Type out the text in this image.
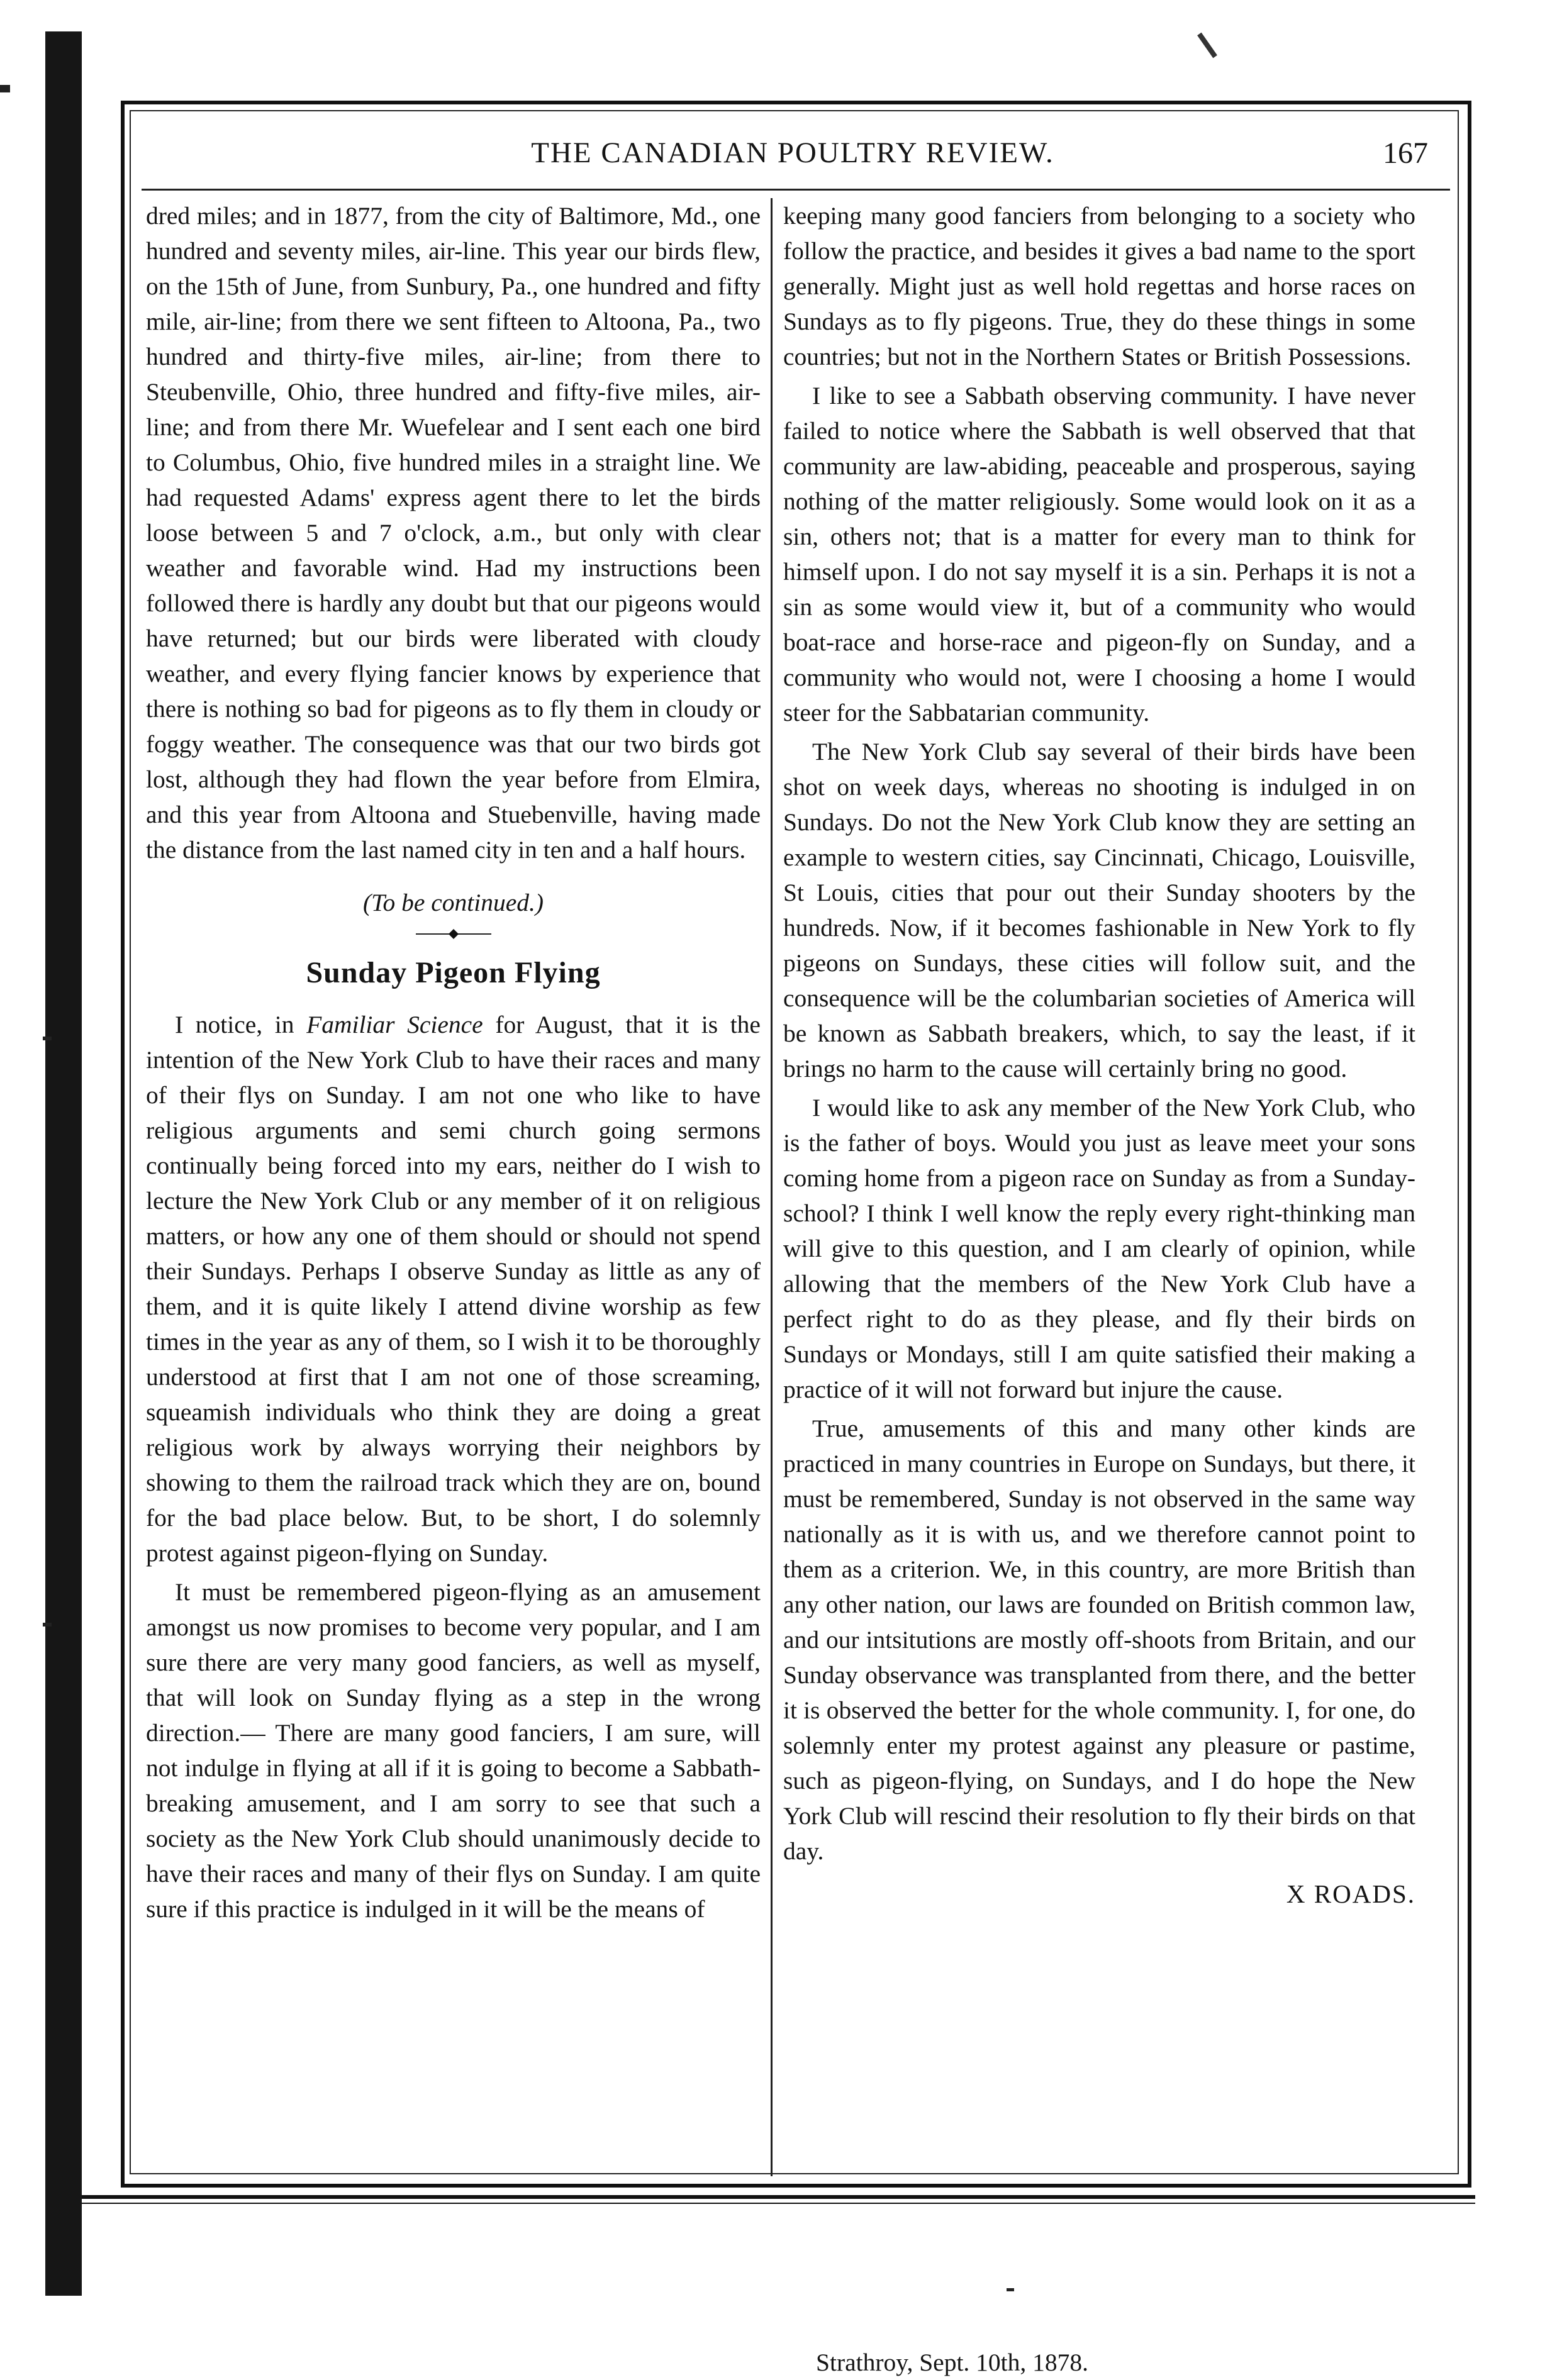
THE CANADIAN POULTRY REVIEW.	167

dred miles; and in 1877, from the city of Baltimore, Md., one hundred and seventy miles, air-line. This year our birds flew, on the 15th of June, from Sunbury, Pa., one hundred and fifty mile, air-line; from there we sent fifteen to Altoona, Pa., two hundred and thirty-five miles, air-line; from there to Steubenville, Ohio, three hundred and fifty-five miles, air-line; and from there Mr. Wuefelear and I sent each one bird to Columbus, Ohio, five hundred miles in a straight line. We had requested Adams' express agent there to let the birds loose between 5 and 7 o'clock, a.m., but only with clear weather and favorable wind. Had my instructions been followed there is hardly any doubt but that our pigeons would have returned; but our birds were liberated with cloudy weather, and every flying fancier knows by experience that there is nothing so bad for pigeons as to fly them in cloudy or foggy weather. The consequence was that our two birds got lost, although they had flown the year before from Elmira, and this year from Altoona and Stuebenville, having made the distance from the last named city in ten and a half hours.

(To be continued.)

Sunday Pigeon Flying

I notice, in Familiar Science for August, that it is the intention of the New York Club to have their races and many of their flys on Sunday. I am not one who like to have religious arguments and semi church going sermons continually being forced into my ears, neither do I wish to lecture the New York Club or any member of it on religious matters, or how any one of them should or should not spend their Sundays. Perhaps I observe Sunday as little as any of them, and it is quite likely I attend divine worship as few times in the year as any of them, so I wish it to be thoroughly understood at first that I am not one of those screaming, squeamish individuals who think they are doing a great religious work by always worrying their neighbors by showing to them the railroad track which they are on, bound for the bad place below. But, to be short, I do solemnly protest against pigeon-flying on Sunday.

It must be remembered pigeon-flying as an amusement amongst us now promises to become very popular, and I am sure there are very many good fanciers, as well as myself, that will look on Sunday flying as a step in the wrong direction.— There are many good fanciers, I am sure, will not indulge in flying at all if it is going to become a Sabbath-breaking amusement, and I am sorry to see that such a society as the New York Club should unanimously decide to have their races and many of their flys on Sunday. I am quite sure if this practice is indulged in it will be the means of

keeping many good fanciers from belonging to a society who follow the practice, and besides it gives a bad name to the sport generally. Might just as well hold regettas and horse races on Sundays as to fly pigeons. True, they do these things in some countries; but not in the Northern States or British Possessions.

I like to see a Sabbath observing community. I have never failed to notice where the Sabbath is well observed that that community are law-abiding, peaceable and prosperous, saying nothing of the matter religiously. Some would look on it as a sin, others not; that is a matter for every man to think for himself upon. I do not say myself it is a sin. Perhaps it is not a sin as some would view it, but of a community who would boat-race and horse-race and pigeon-fly on Sunday, and a community who would not, were I choosing a home I would steer for the Sabbatarian community.

The New York Club say several of their birds have been shot on week days, whereas no shooting is indulged in on Sundays. Do not the New York Club know they are setting an example to western cities, say Cincinnati, Chicago, Louisville, St Louis, cities that pour out their Sunday shooters by the hundreds. Now, if it becomes fashionable in New York to fly pigeons on Sundays, these cities will follow suit, and the consequence will be the columbarian societies of America will be known as Sabbath breakers, which, to say the least, if it brings no harm to the cause will certainly bring no good.

I would like to ask any member of the New York Club, who is the father of boys. Would you just as leave meet your sons coming home from a pigeon race on Sunday as from a Sunday-school? I think I well know the reply every right-thinking man will give to this question, and I am clearly of opinion, while allowing that the members of the New York Club have a perfect right to do as they please, and fly their birds on Sundays or Mondays, still I am quite satisfied their making a practice of it will not forward but injure the cause.

True, amusements of this and many other kinds are practiced in many countries in Europe on Sundays, but there, it must be remembered, Sunday is not observed in the same way nationally as it is with us, and we therefore cannot point to them as a criterion. We, in this country, are more British than any other nation, our laws are founded on British common law, and our intsitutions are mostly off-shoots from Britain, and our Sunday observance was transplanted from there, and the better it is observed the better for the whole community. I, for one, do solemnly enter my protest against any pleasure or pastime, such as pigeon-flying, on Sundays, and I do hope the New York Club will rescind their resolution to fly their birds on that day.

X ROADS.
Strathroy, Sept. 10th, 1878.
